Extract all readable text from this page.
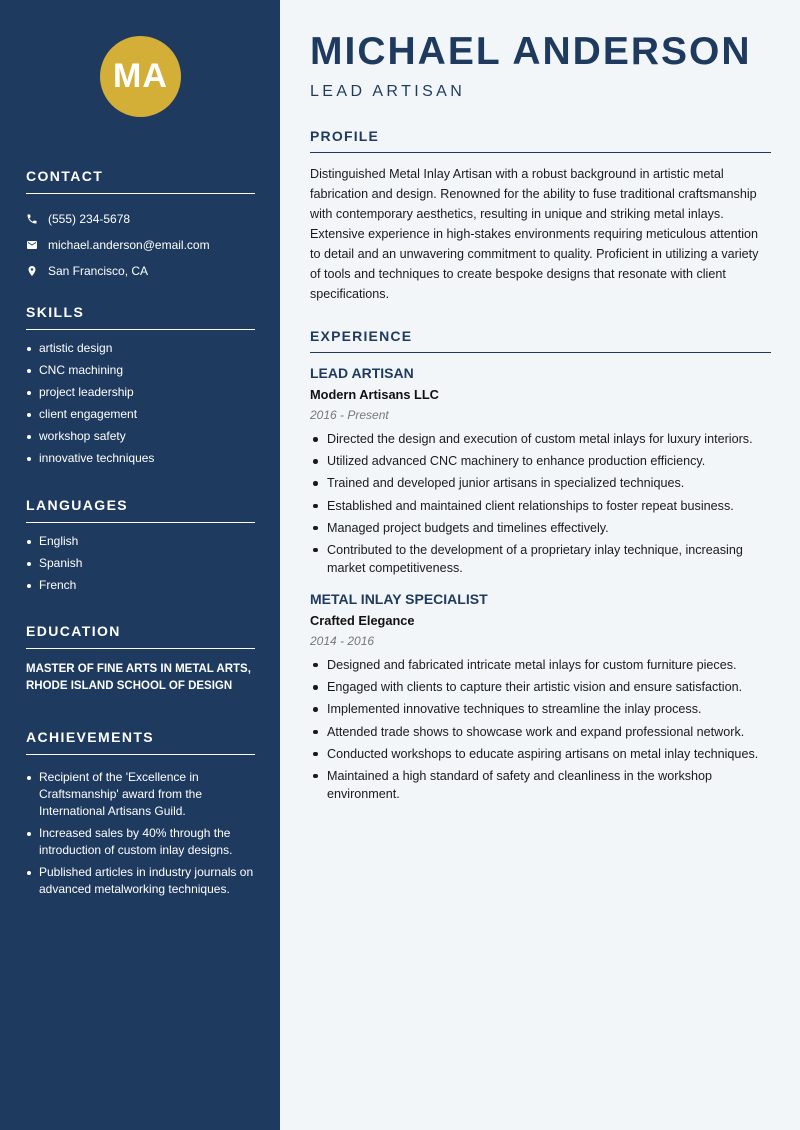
MA
CONTACT
(555) 234-5678
michael.anderson@email.com
San Francisco, CA
SKILLS
artistic design
CNC machining
project leadership
client engagement
workshop safety
innovative techniques
LANGUAGES
English
Spanish
French
EDUCATION
MASTER OF FINE ARTS IN METAL ARTS, RHODE ISLAND SCHOOL OF DESIGN
ACHIEVEMENTS
Recipient of the 'Excellence in Craftsmanship' award from the International Artisans Guild.
Increased sales by 40% through the introduction of custom inlay designs.
Published articles in industry journals on advanced metalworking techniques.
MICHAEL ANDERSON
LEAD ARTISAN
PROFILE

Distinguished Metal Inlay Artisan with a robust background in artistic metal fabrication and design. Renowned for the ability to fuse traditional craftsmanship with contemporary aesthetics, resulting in unique and striking metal inlays. Extensive experience in high-stakes environments requiring meticulous attention to detail and an unwavering commitment to quality. Proficient in utilizing a variety of tools and techniques to create bespoke designs that resonate with client specifications.

EXPERIENCE
LEAD ARTISAN
Modern Artisans LLC
2016 - Present
Directed the design and execution of custom metal inlays for luxury interiors.
Utilized advanced CNC machinery to enhance production efficiency.
Trained and developed junior artisans in specialized techniques.
Established and maintained client relationships to foster repeat business.
Managed project budgets and timelines effectively.
Contributed to the development of a proprietary inlay technique, increasing market competitiveness.
METAL INLAY SPECIALIST
Crafted Elegance
2014 - 2016
Designed and fabricated intricate metal inlays for custom furniture pieces.
Engaged with clients to capture their artistic vision and ensure satisfaction.
Implemented innovative techniques to streamline the inlay process.
Attended trade shows to showcase work and expand professional network.
Conducted workshops to educate aspiring artisans on metal inlay techniques.
Maintained a high standard of safety and cleanliness in the workshop environment.
